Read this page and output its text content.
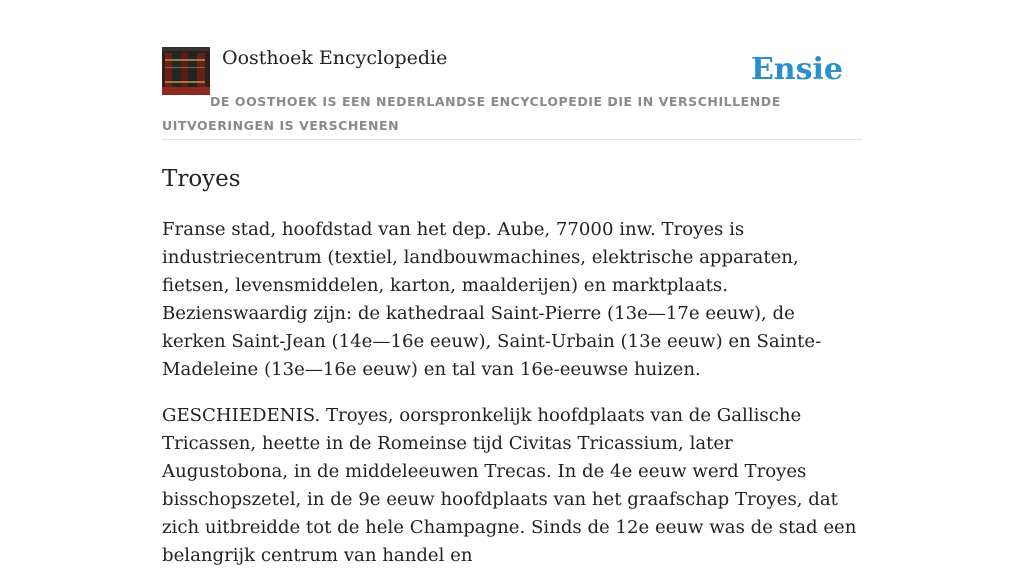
Oosthoek Encyclopedie	Ensie
DE OOSTHOEK IS EEN NEDERLANDSE ENCYCLOPEDIE DIE IN VERSCHILLENDE UITVOERINGEN IS VERSCHENEN
Troyes

Franse stad, hoofdstad van het dep. Aube, 77000 inw. Troyes is industriecentrum (textiel, landbouwmachines, elektrische apparaten, fietsen, levensmiddelen, karton, maalderijen) en marktplaats. Bezienswaardig zijn: de kathedraal Saint-Pierre (13e—17e eeuw), de kerken Saint-Jean (14e—16e eeuw), Saint-Urbain (13e eeuw) en Sainte-Madeleine (13e—16e eeuw) en tal van 16e-eeuwse huizen.

GESCHIEDENIS. Troyes, oorspronkelijk hoofdplaats van de Gallische Tricassen, heette in de Romeinse tijd Civitas Tricassium, later Augustobona, in de middeleeuwen Trecas. In de 4e eeuw werd Troyes bisschopszetel, in de 9e eeuw hoofdplaats van het graafschap Troyes, dat zich uitbreidde tot de hele Champagne. Sinds de 12e eeuw was de stad een belangrijk centrum van handel en
